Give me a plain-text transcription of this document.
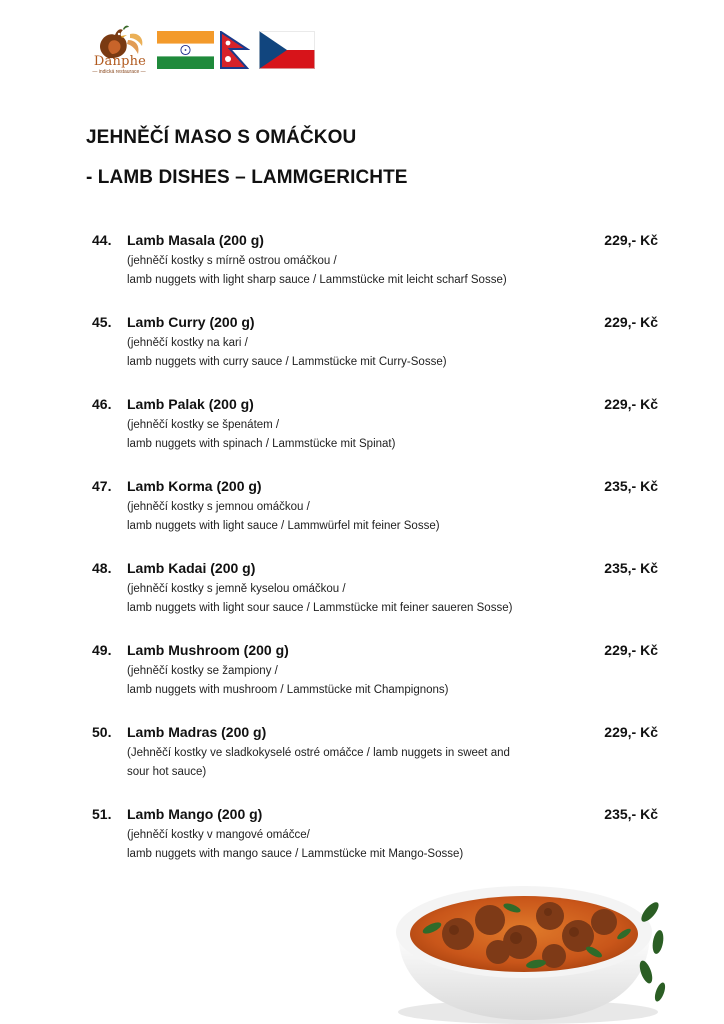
Danphe
— indická restaurace —
JEHNĚČÍ MASO S OMÁČKOU
- LAMB DISHES – LAMMGERICHTE
44. Lamb Masala (200 g)	229,- Kč
(jehněčí kostky s mírně ostrou omáčkou /
lamb nuggets with light sharp sauce / Lammstücke mit leicht scharf Sosse)
45. Lamb Curry (200 g)	229,- Kč
(jehněčí kostky na kari /
lamb nuggets with curry sauce / Lammstücke mit Curry-Sosse)
46. Lamb Palak (200 g)	229,- Kč
(jehněčí kostky se špenátem /
lamb nuggets with spinach / Lammstücke mit Spinat)
47. Lamb Korma (200 g)	235,- Kč
(jehněčí kostky s jemnou omáčkou /
lamb nuggets with light sauce / Lammwürfel mit feiner Sosse)
48. Lamb Kadai (200 g)	235,- Kč
(jehněčí kostky s jemně kyselou omáčkou /
lamb nuggets with light sour sauce / Lammstücke mit feiner saueren Sosse)
49. Lamb Mushroom (200 g)	229,- Kč
(jehněčí kostky se žampiony /
lamb nuggets with mushroom / Lammstücke mit Champignons)
50. Lamb Madras (200 g)	229,- Kč
(Jehněčí kostky ve sladkokyselé ostré omáčce / lamb nuggets in sweet and
sour hot sauce)
51. Lamb Mango (200 g)	235,- Kč
(jehněčí kostky v mangové omáčce/
lamb nuggets with mango sauce / Lammstücke mit Mango-Sosse)
